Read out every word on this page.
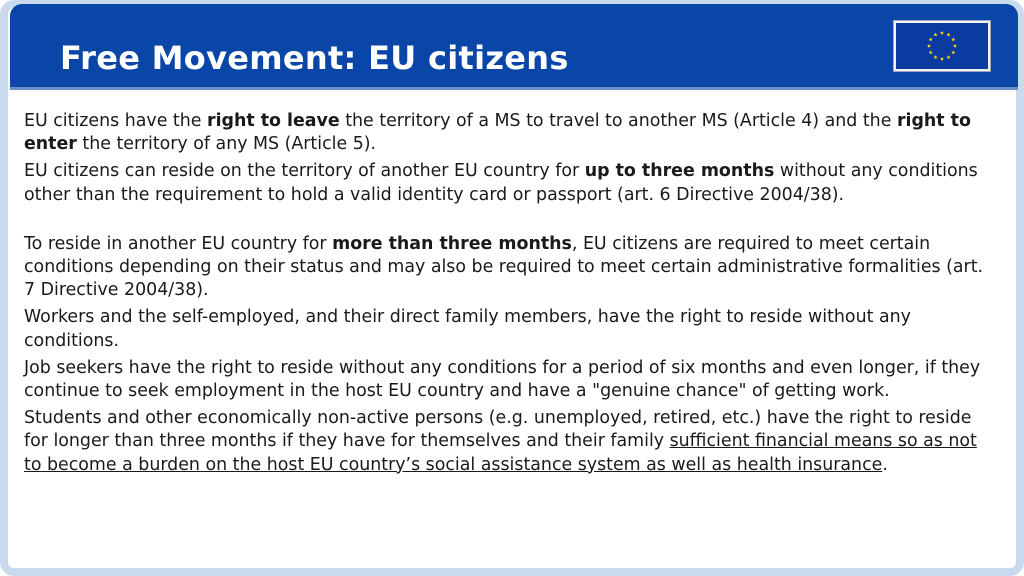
Free Movement: EU citizens

EU citizens have the right to leave the territory of a MS to travel to another MS (Article 4) and the right to enter the territory of any MS (Article 5).

EU citizens can reside on the territory of another EU country for up to three months without any conditions other than the requirement to hold a valid identity card or passport (art. 6 Directive 2004/38).

To reside in another EU country for more than three months, EU citizens are required to meet certain conditions depending on their status and may also be required to meet certain administrative formalities (art. 7 Directive 2004/38).

Workers and the self-employed, and their direct family members, have the right to reside without any conditions.

Job seekers have the right to reside without any conditions for a period of six months and even longer, if they continue to seek employment in the host EU country and have a "genuine chance" of getting work.

Students and other economically non-active persons (e.g. unemployed, retired, etc.) have the right to reside for longer than three months if they have for themselves and their family sufficient financial means so as not to become a burden on the host EU country’s social assistance system as well as health insurance.
